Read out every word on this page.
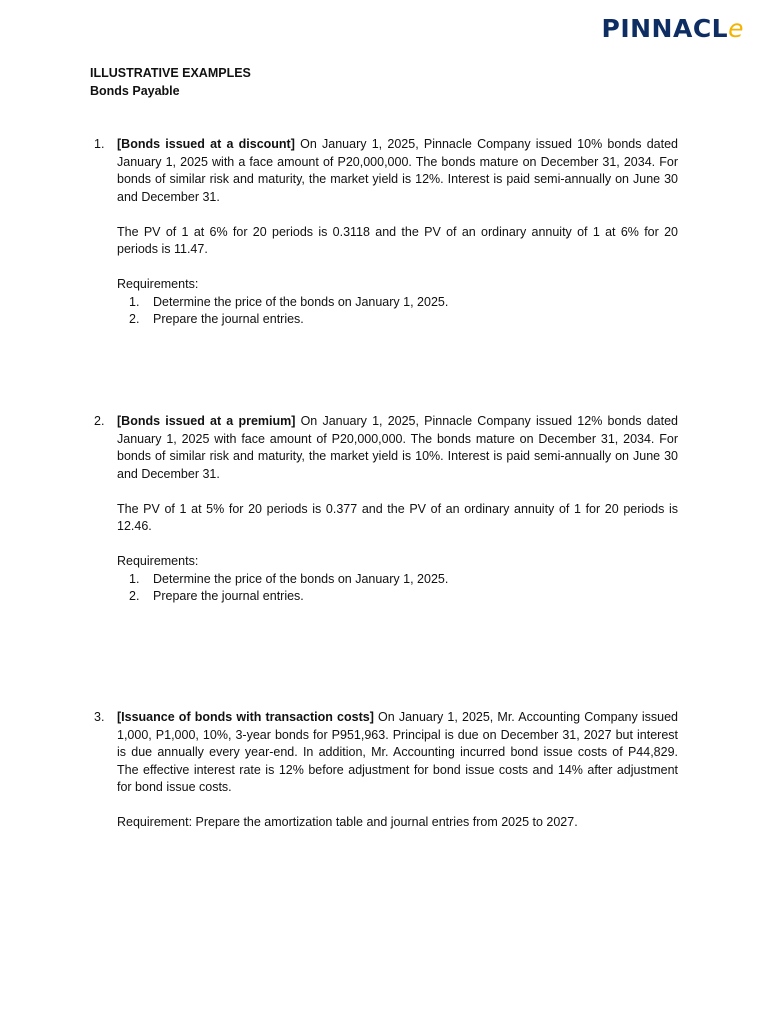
PINNACLe
ILLUSTRATIVE EXAMPLES
Bonds Payable
1. [Bonds issued at a discount] On January 1, 2025, Pinnacle Company issued 10% bonds dated January 1, 2025 with a face amount of P20,000,000. The bonds mature on December 31, 2034. For bonds of similar risk and maturity, the market yield is 12%. Interest is paid semi-annually on June 30 and December 31.

The PV of 1 at 6% for 20 periods is 0.3118 and the PV of an ordinary annuity of 1 at 6% for 20 periods is 11.47.

Requirements:

1. Determine the price of the bonds on January 1, 2025.
2. Prepare the journal entries.
2. [Bonds issued at a premium] On January 1, 2025, Pinnacle Company issued 12% bonds dated January 1, 2025 with face amount of P20,000,000. The bonds mature on December 31, 2034. For bonds of similar risk and maturity, the market yield is 10%. Interest is paid semi-annually on June 30 and December 31.

The PV of 1 at 5% for 20 periods is 0.377 and the PV of an ordinary annuity of 1 for 20 periods is 12.46.

Requirements:

1. Determine the price of the bonds on January 1, 2025.
2. Prepare the journal entries.
3. [Issuance of bonds with transaction costs] On January 1, 2025, Mr. Accounting Company issued 1,000, P1,000, 10%, 3-year bonds for P951,963. Principal is due on December 31, 2027 but interest is due annually every year-end. In addition, Mr. Accounting incurred bond issue costs of P44,829. The effective interest rate is 12% before adjustment for bond issue costs and 14% after adjustment for bond issue costs.

Requirement: Prepare the amortization table and journal entries from 2025 to 2027.
